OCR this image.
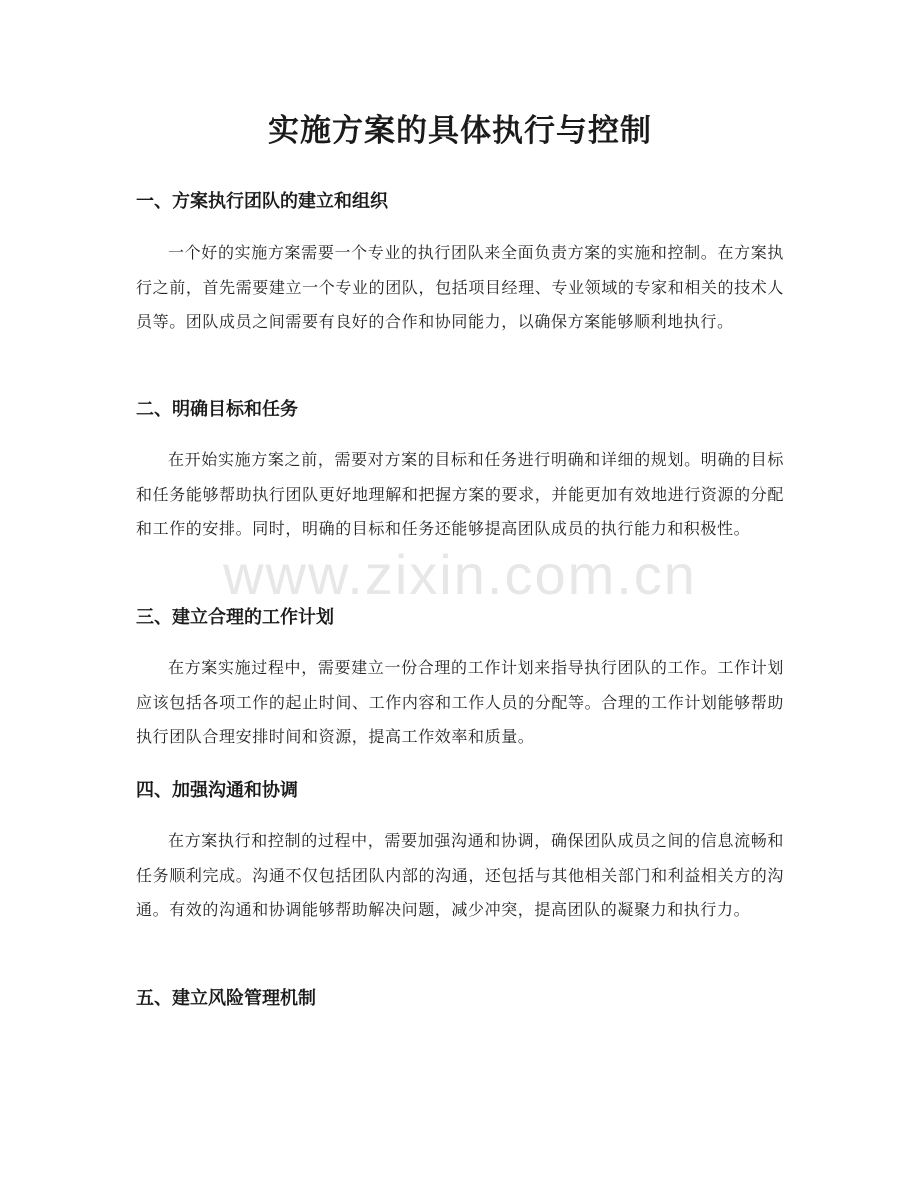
实施方案的具体执行与控制
一、方案执行团队的建立和组织

一个好的实施方案需要一个专业的执行团队来全面负责方案的实施和控制。在方案执行之前，首先需要建立一个专业的团队，包括项目经理、专业领域的专家和相关的技术人员等。团队成员之间需要有良好的合作和协同能力，以确保方案能够顺利地执行。

二、明确目标和任务

在开始实施方案之前，需要对方案的目标和任务进行明确和详细的规划。明确的目标和任务能够帮助执行团队更好地理解和把握方案的要求，并能更加有效地进行资源的分配和工作的安排。同时，明确的目标和任务还能够提高团队成员的执行能力和积极性。

三、建立合理的工作计划

在方案实施过程中，需要建立一份合理的工作计划来指导执行团队的工作。工作计划应该包括各项工作的起止时间、工作内容和工作人员的分配等。合理的工作计划能够帮助执行团队合理安排时间和资源，提高工作效率和质量。

四、加强沟通和协调

在方案执行和控制的过程中，需要加强沟通和协调，确保团队成员之间的信息流畅和任务顺利完成。沟通不仅包括团队内部的沟通，还包括与其他相关部门和利益相关方的沟通。有效的沟通和协调能够帮助解决问题，减少冲突，提高团队的凝聚力和执行力。

五、建立风险管理机制
www.zixin.com.cn
